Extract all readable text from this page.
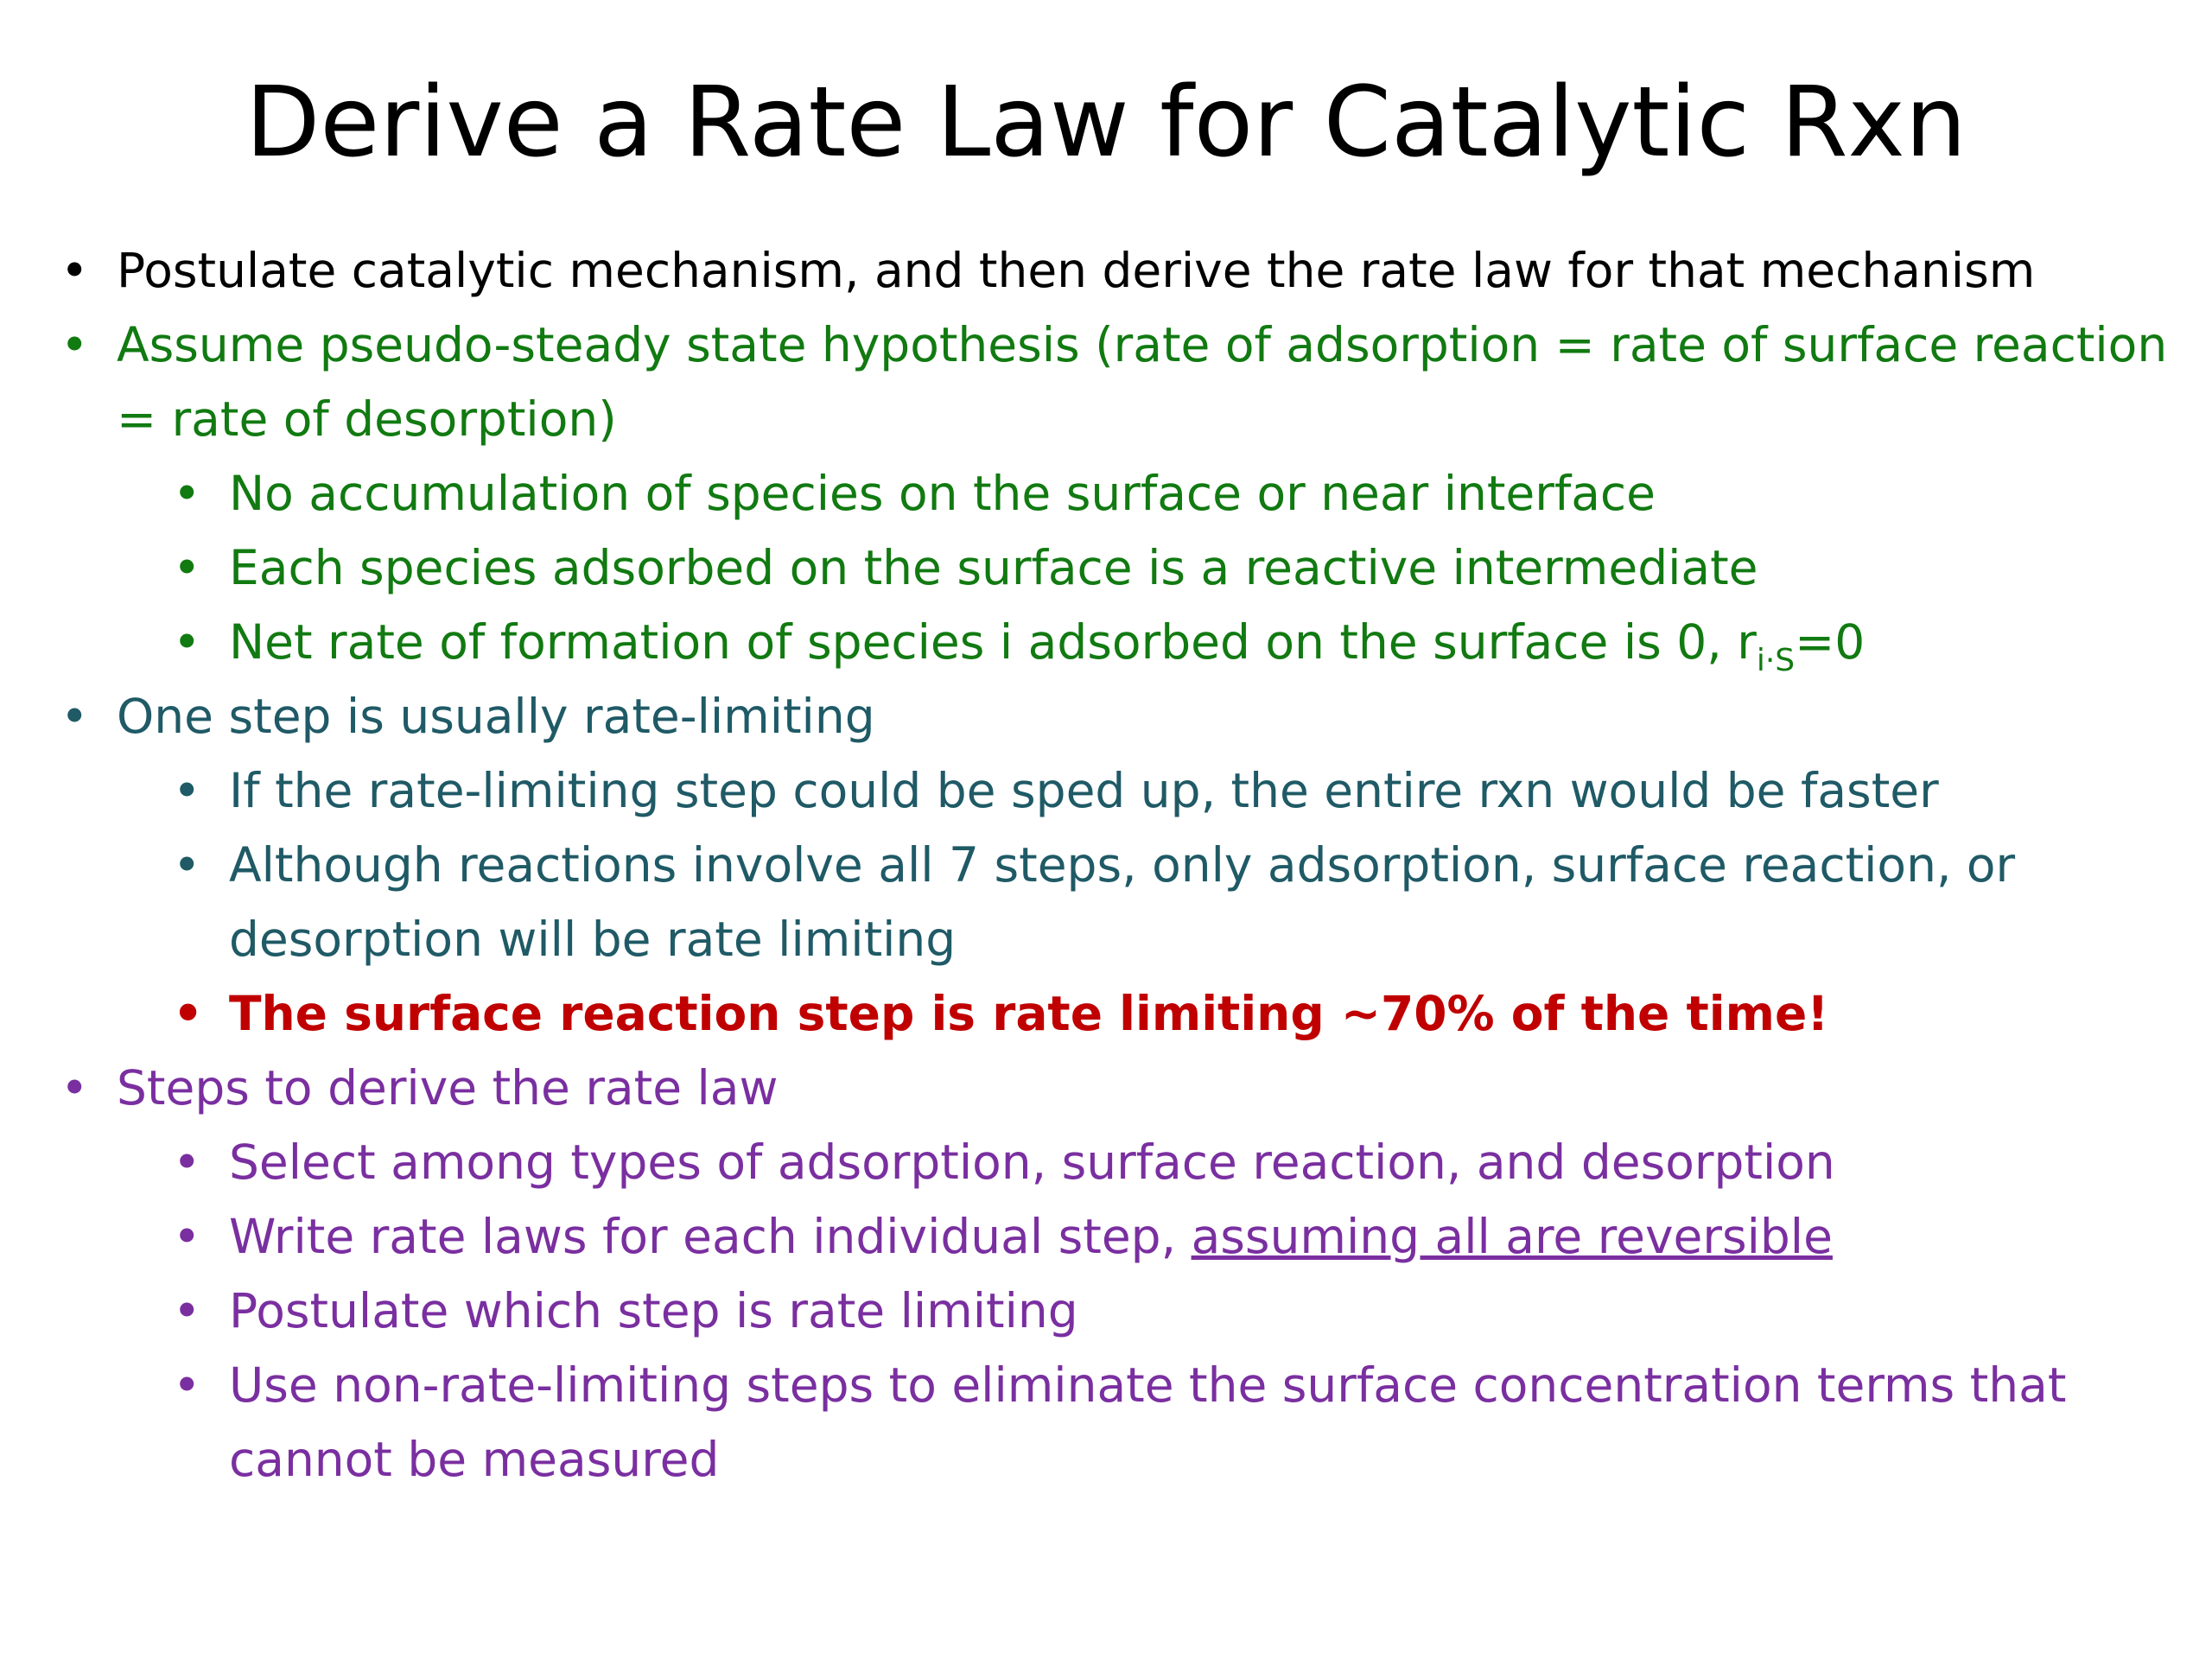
Derive a Rate Law for Catalytic Rxn
• Postulate catalytic mechanism, and then derive the rate law for that mechanism
• Assume pseudo-steady state hypothesis (rate of adsorption = rate of surface reaction = rate of desorption)
• No accumulation of species on the surface or near interface
• Each species adsorbed on the surface is a reactive intermediate
• Net rate of formation of species i adsorbed on the surface is 0, $r_{i\cdot S}=0$
• One step is usually rate-limiting
• If the rate-limiting step could be sped up, the entire rxn would be faster
• Although reactions involve all 7 steps, only adsorption, surface reaction, or desorption will be rate limiting
• The surface reaction step is rate limiting ~70% of the time!
• Steps to derive the rate law
• Select among types of adsorption, surface reaction, and desorption
• Write rate laws for each individual step, assuming all are reversible
• Postulate which step is rate limiting
• Use non-rate-limiting steps to eliminate the surface concentration terms that cannot be measured
